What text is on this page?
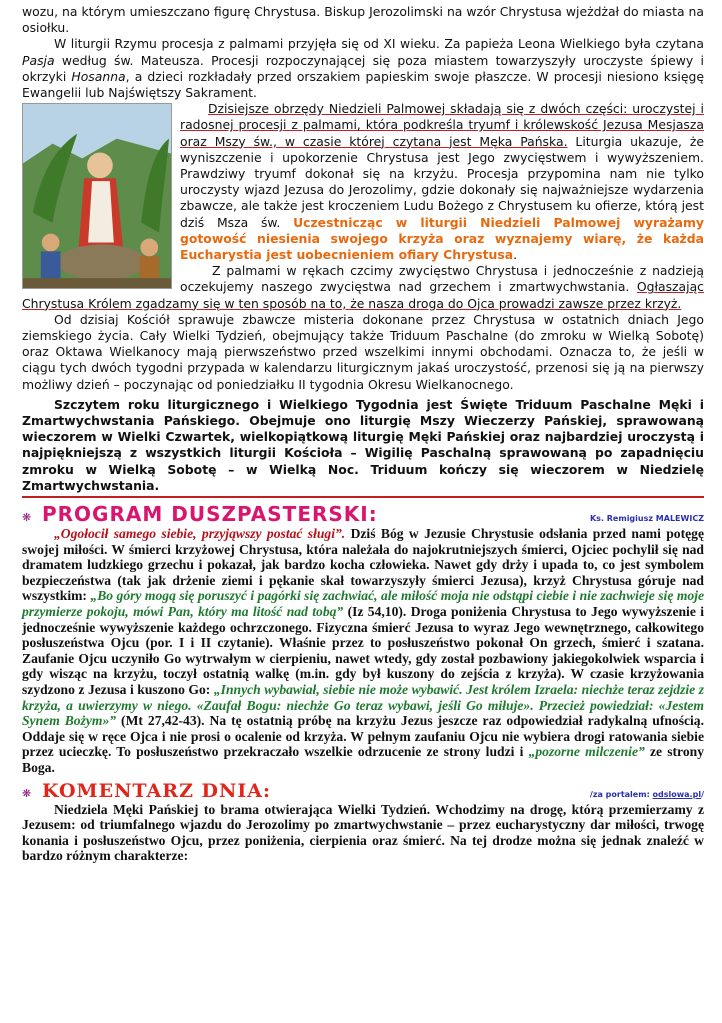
wozu, na którym umieszczano figurę Chrystusa. Biskup Jerozolimski na wzór Chrystusa wjeżdżał do miasta na osiołku.

W liturgii Rzymu procesja z palmami przyjęła się od XI wieku. Za papieża Leona Wielkiego była czytana Pasja według św. Mateusza. Procesji rozpoczynającej się poza miastem towarzyszyły uroczyste śpiewy i okrzyki Hosanna, a dzieci rozkładały przed orszakiem papieskim swoje płaszcze. W procesji niesiono księgę Ewangelii lub Najświętszy Sakrament.

Dzisiejsze obrzędy Niedzieli Palmowej składają się z dwóch części: uroczystej i radosnej procesji z palmami, która podkreśla tryumf i królewskość Jezusa Mesjasza oraz Mszy św., w czasie której czytana jest Męka Pańska. Liturgia ukazuje, że wyniszczenie i upokorzenie Chrystusa jest Jego zwycięstwem i wywyższeniem. Prawdziwy tryumf dokonał się na krzyżu. Procesja przypomina nam nie tylko uroczysty wjazd Jezusa do Jerozolimy, gdzie dokonały się najważniejsze wydarzenia zbawcze, ale także jest kroczeniem Ludu Bożego z Chrystusem ku ofierze, którą jest dziś Msza św. Uczestnicząc w liturgii Niedzieli Palmowej wyrażamy gotowość niesienia swojego krzyża oraz wyznajemy wiarę, że każda Eucharystia jest uobecnieniem ofiary Chrystusa.

Z palmami w rękach czcimy zwycięstwo Chrystusa i jednocześnie z nadzieją oczekujemy naszego zwycięstwa nad grzechem i zmartwychwstania. Ogłaszając Chrystusa Królem zgadzamy się w ten sposób na to, że nasza droga do Ojca prowadzi zawsze przez krzyż.

Od dzisiaj Kościół sprawuje zbawcze misteria dokonane przez Chrystusa w ostatnich dniach Jego ziemskiego życia. Cały Wielki Tydzień, obejmujący także Triduum Paschalne (do zmroku w Wielką Sobotę) oraz Oktawa Wielkanocy mają pierwszeństwo przed wszelkimi innymi obchodami. Oznacza to, że jeśli w ciągu tych dwóch tygodni przypada w kalendarzu liturgicznym jakaś uroczystość, przenosi się ją na pierwszy możliwy dzień – poczynając od poniedziałku II tygodnia Okresu Wielkanocnego.

Szczytem roku liturgicznego i Wielkiego Tygodnia jest Święte Triduum Paschalne Męki i Zmartwychwstania Pańskiego. Obejmuje ono liturgię Mszy Wieczerzy Pańskiej, sprawowaną wieczorem w Wielki Czwartek, wielkopiątkową liturgię Męki Pańskiej oraz najbardziej uroczystą i najpiękniejszą z wszystkich liturgii Kościoła – Wigilię Paschalną sprawowaną po zapadnięciu zmroku w Wielką Sobotę – w Wielką Noc. Triduum kończy się wieczorem w Niedzielę Zmartwychwstania.

❋ PROGRAM DUSZPASTERSKI:	Ks. Remigiusz MALEWICZ

„Ogołocił samego siebie, przyjąwszy postać sługi”. Dziś Bóg w Jezusie Chrystusie odsłania przed nami potęgę swojej miłości. W śmierci krzyżowej Chrystusa, która należała do najokrutniejszych śmierci, Ojciec pochylił się nad dramatem ludzkiego grzechu i pokazał, jak bardzo kocha człowieka. Nawet gdy drży i upada to, co jest symbolem bezpieczeństwa (tak jak drżenie ziemi i pękanie skał towarzyszyły śmierci Jezusa), krzyż Chrystusa góruje nad wszystkim: „Bo góry mogą się poruszyć i pagórki się zachwiać, ale miłość moja nie odstąpi ciebie i nie zachwieje się moje przymierze pokoju, mówi Pan, który ma litość nad tobą” (Iz 54,10). Droga poniżenia Chrystusa to Jego wywyższenie i jednocześnie wywyższenie każdego ochrzczonego. Fizyczna śmierć Jezusa to wyraz Jego wewnętrznego, całkowitego posłuszeństwa Ojcu (por. I i II czytanie). Właśnie przez to posłuszeństwo pokonał On grzech, śmierć i szatana. Zaufanie Ojcu uczyniło Go wytrwałym w cierpieniu, nawet wtedy, gdy został pozbawiony jakiegokolwiek wsparcia i gdy wisząc na krzyżu, toczył ostatnią walkę (m.in. gdy był kuszony do zejścia z krzyża). W czasie krzyżowania szydzono z Jezusa i kuszono Go: „Innych wybawiał, siebie nie może wybawić. Jest królem Izraela: niechże teraz zejdzie z krzyża, a uwierzymy w niego. «Zaufał Bogu: niechże Go teraz wybawi, jeśli Go miłuje». Przecież powiedział: «Jestem Synem Bożym»” (Mt 27,42-43). Na tę ostatnią próbę na krzyżu Jezus jeszcze raz odpowiedział radykalną ufnością. Oddaje się w ręce Ojca i nie prosi o ocalenie od krzyża. W pełnym zaufaniu Ojcu nie wybiera drogi ratowania siebie przez ucieczkę. To posłuszeństwo przekraczało wszelkie odrzucenie ze strony ludzi i „pozorne milczenie” ze strony Boga.

❋ KOMENTARZ DNIA:	/za portalem: odslowa.pl/

Niedziela Męki Pańskiej to brama otwierająca Wielki Tydzień. Wchodzimy na drogę, którą przemierzamy z Jezusem: od triumfalnego wjazdu do Jerozolimy po zmartwychwstanie – przez eucharystyczny dar miłości, trwogę konania i posłuszeństwo Ojcu, przez poniżenia, cierpienia oraz śmierć. Na tej drodze można się jednak znaleźć w bardzo różnym charakterze:
